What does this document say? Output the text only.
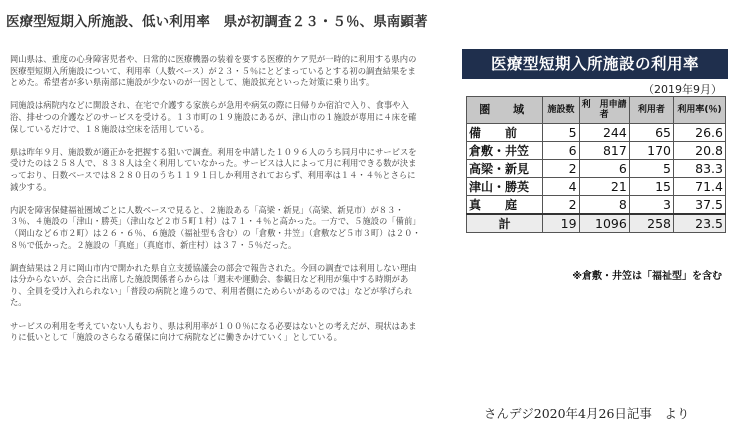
医療型短期入所施設、低い利用率　県が初調査２３・５％、県南顕著

岡山県は、重度の心身障害児者や、日常的に医療機器の装着を要する医療的ケア児が一時的に利用する県内の医療型短期入所施設について、利用率（人数ベース）が２３・５％にとどまっているとする初の調査結果をまとめた。希望者が多い県南部に施設が少ないのが一因として、施設拡充といった対策に乗り出す。

同施設は病院内などに開設され、在宅で介護する家族らが急用や病気の際に日帰りか宿泊で入り、食事や入浴、排せつの介護などのサービスを受ける。１３市町の１９施設にあるが、津山市の１施設が専用に４床を確保しているだけで、１８施設は空床を活用している。

県は昨年９月、施設数が適正かを把握する狙いで調査。利用を申請した１０９６人のうち同月中にサービスを受けたのは２５８人で、８３８人は全く利用していなかった。サービスは人によって月に利用できる数が決まっており、日数ベースでは８２８０日のうち１１９１日しか利用されておらず、利用率は１４・４％とさらに減少する。

内訳を障害保健福祉圏域ごとに人数ベースで見ると、２施設ある「高梁・新見」（高梁、新見市）が８３・３％、４施設の「津山・勝英」（津山など２市５町１村）は７１・４％と高かった。一方で、５施設の「備前」（岡山など６市２町）は２６・６％、６施設（福祉型も含む）の「倉敷・井笠」（倉敷など５市３町）は２０・８％で低かった。２施設の「真庭」（真庭市、新庄村）は３７・５％だった。

調査結果は２月に岡山市内で開かれた県自立支援協議会の部会で報告された。今回の調査では利用しない理由は分からないが、会合に出席した施設関係者らからは「週末や運動会、参観日など利用が集中する時期があり、全員を受け入れられない」「普段の病院と違うので、利用者側にためらいがあるのでは」などが挙げられた。

サービスの利用を考えていない人もおり、県は利用率が１００％になる必要はないとの考えだが、現状はあまりに低いとして「施設のさらなる確保に向けて病院などに働きかけていく」としている。

医療型短期入所施設の利用率
（2019年9月）
圏　域	施設数	利　用申請者	利用者	利用率(％)
備　　前	5	244	65	26.6
倉敷・井笠	6	817	170	20.8
高梁・新見	2	6	5	83.3
津山・勝英	4	21	15	71.4
真　　庭	2	8	3	37.5
計	19	1096	258	23.5
※倉敷・井笠は「福祉型」を含む
さんデジ2020年4月26日記事　より
